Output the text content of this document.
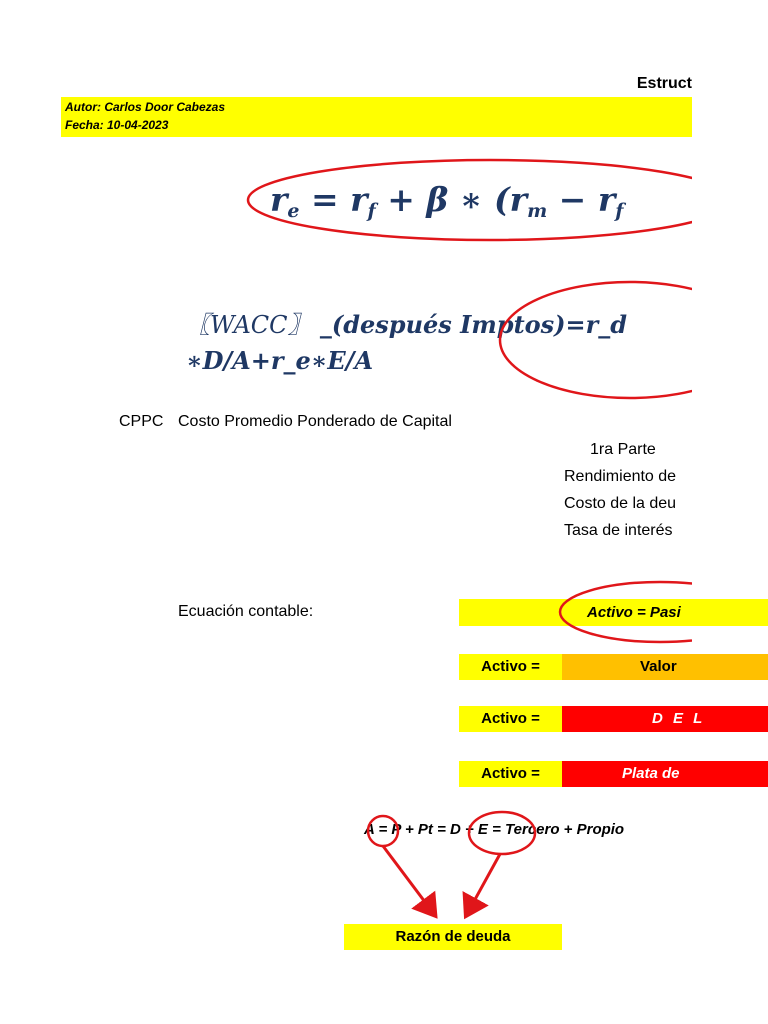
Estruct
Autor: Carlos Door Cabezas
Fecha: 10-04-2023
$r_e = r_f + \beta$ ∗ ($r_m - r_f$
〖WACC〗 _(después Imptos)=r_d
∗D/A+r_e∗E/A
CPPC Costo Promedio Ponderado de Capital
1ra Parte
Rendimiento de
Costo de la deu
Tasa de interés
Ecuación contable:	Activo = Pasi
Activo =	Valor
Activo =	D E L
Activo =	Plata de
A = P + Pt = D + E = Tercero + Propio
Razón de deuda
